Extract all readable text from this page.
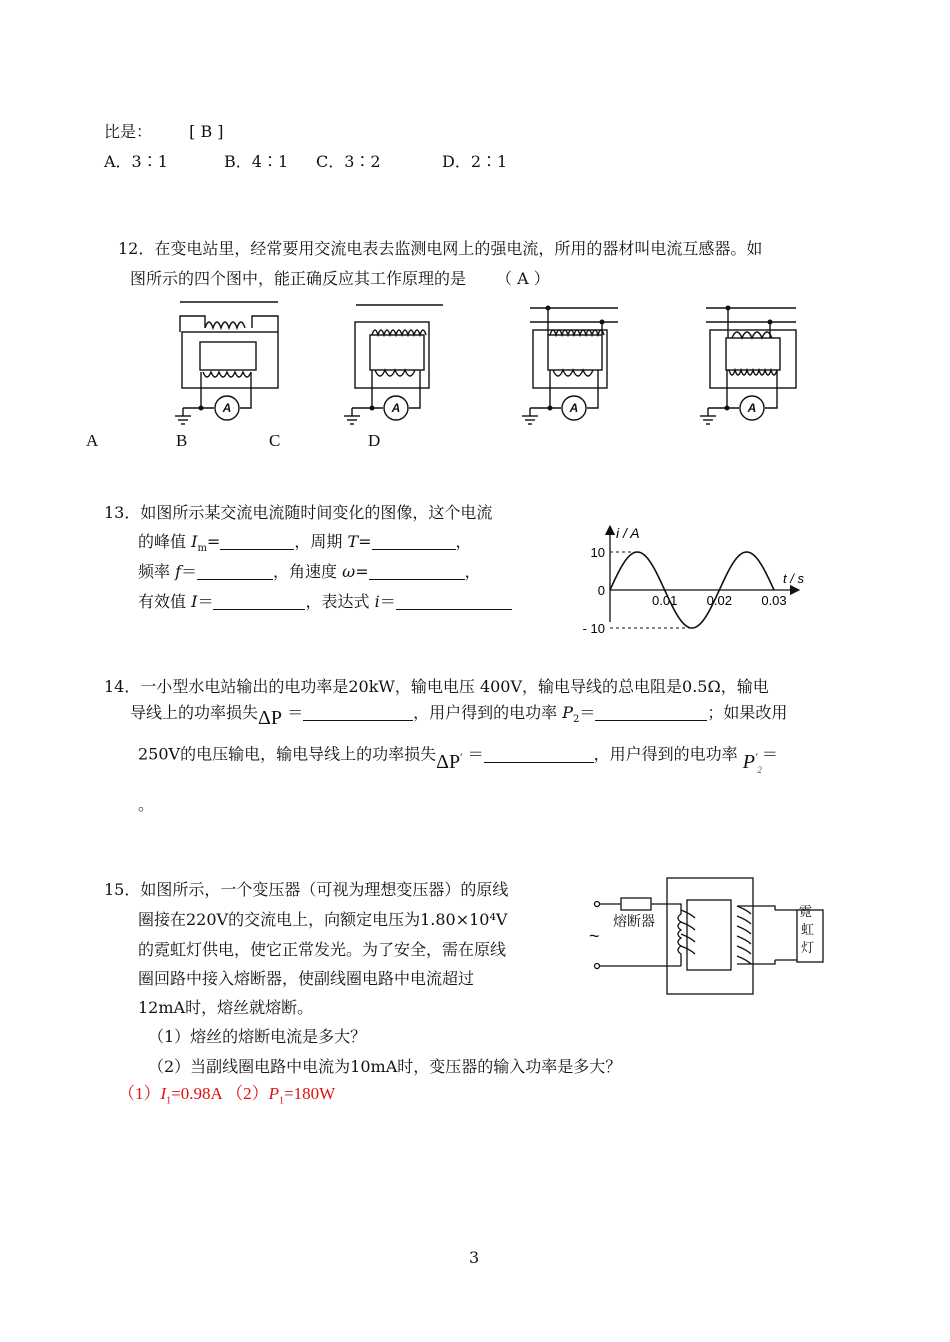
比是： [ B ]
A．3∶1	B．4∶1 C．3∶2	D．2∶1
12．在变电站里，经常要用交流电表去监测电网上的强电流，所用的器材叫电流互感器。如
图所示的四个图中，能正确反应其工作原理的是 （ A ）
A	A	A	A
A	B	C	D
13．如图所示某交流电流随时间变化的图像，这个电流
的峰值 $I_m=$	，周期 T=	，
频率 f＝	，角速度 ω=	，
有效值 I＝	，表达式 i＝
i / A
t / s
10
0
- 10
0.01 0.02 0.03
14．一小型水电站输出的电功率是20kW，输电电压 400V，输电导线的总电阻是0.5Ω，输电
导线上的功率损失ΔP ＝	，用户得到的电功率 $P_2=$	；如果改用
250V的电压输电，输电导线上的功率损失ΔP′ ＝	，用户得到的电功率 $P'_2=$
。
15．如图所示，一个变压器（可视为理想变压器）的原线
圈接在220V的交流电上，向额定电压为1.80×10⁴V
的霓虹灯供电，使它正常发光。为了安全，需在原线
圈回路中接入熔断器，使副线圈电路中电流超过
12mA时，熔丝就熔断。
（1）熔丝的熔断电流是多大？
（2）当副线圈电路中电流为10mA时，变压器的输入功率是多大？
$(1)I_1=0.98A$ $(2)P_1=180W$
熔断器
~
霓
虹
灯
3
